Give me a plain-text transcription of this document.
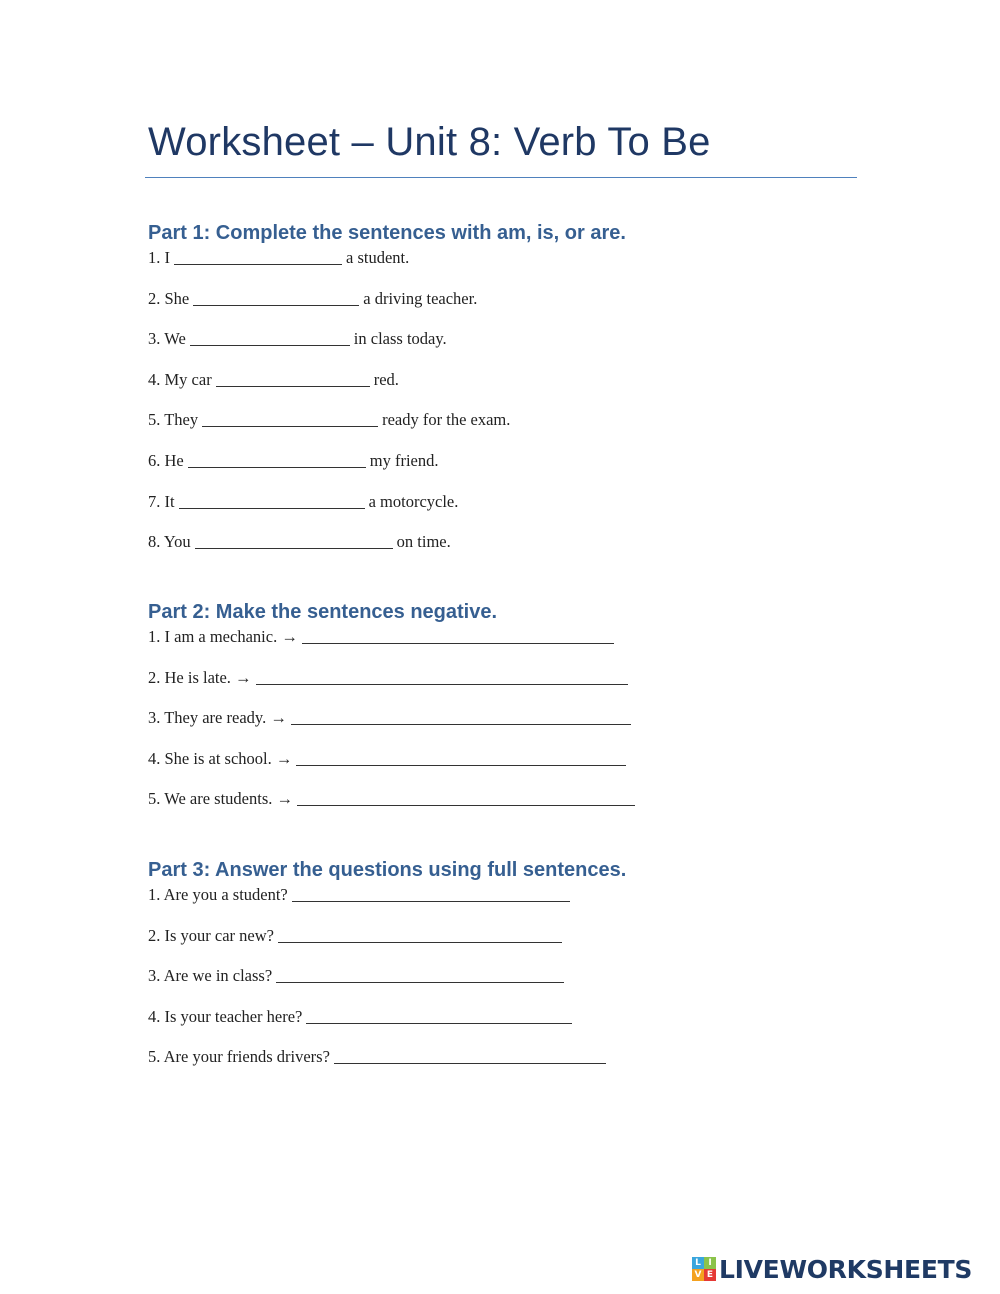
Worksheet – Unit 8: Verb To Be
Part 1: Complete the sentences with am, is, or are.
1. I	a student.
2. She	a driving teacher.
3. We	in class today.
4. My car	red.
5. They	ready for the exam.
6. He	my friend.
7. It	a motorcycle.
8. You	on time.
Part 2: Make the sentences negative.
1. I am a mechanic. →
2. He is late. →
3. They are ready. →
4. She is at school. →
5. We are students. →
Part 3: Answer the questions using full sentences.
1. Are you a student?
2. Is your car new?
3. Are we in class?
4. Is your teacher here?
5. Are your friends drivers?
L I
V E LIVEWORKSHEETS
